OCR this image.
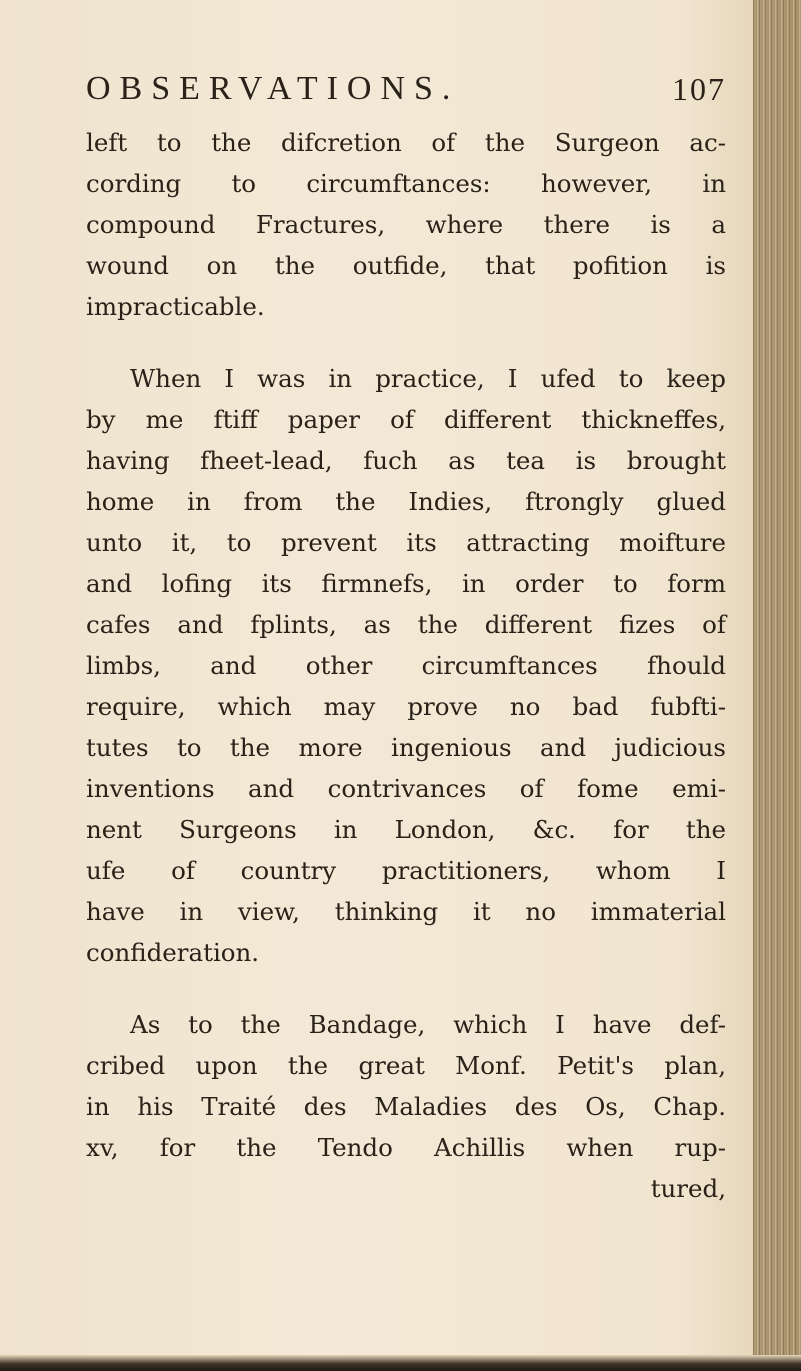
OBSERVATIONS.	107
left to the difcretion of the Surgeon ac-
cording to circumftances: however, in
compound Fractures, where there is a
wound on the outfide, that pofition is
impracticable.
When I was in practice, I ufed to keep
by me ftiff paper of different thickneffes,
having fheet-lead, fuch as tea is brought
home in from the Indies, ftrongly glued
unto it, to prevent its attracting moifture
and lofing its firmnefs, in order to form
cafes and fplints, as the different fizes of
limbs, and other circumftances fhould
require, which may prove no bad fubfti-
tutes to the more ingenious and judicious
inventions and contrivances of fome emi-
nent Surgeons in London, &c. for the
ufe of country practitioners, whom I
have in view, thinking it no immaterial
confideration.
As to the Bandage, which I have def-
cribed upon the great Monf. Petit's plan,
in his Traité des Maladies des Os, Chap.
xv, for the Tendo Achillis when rup-
tured,
